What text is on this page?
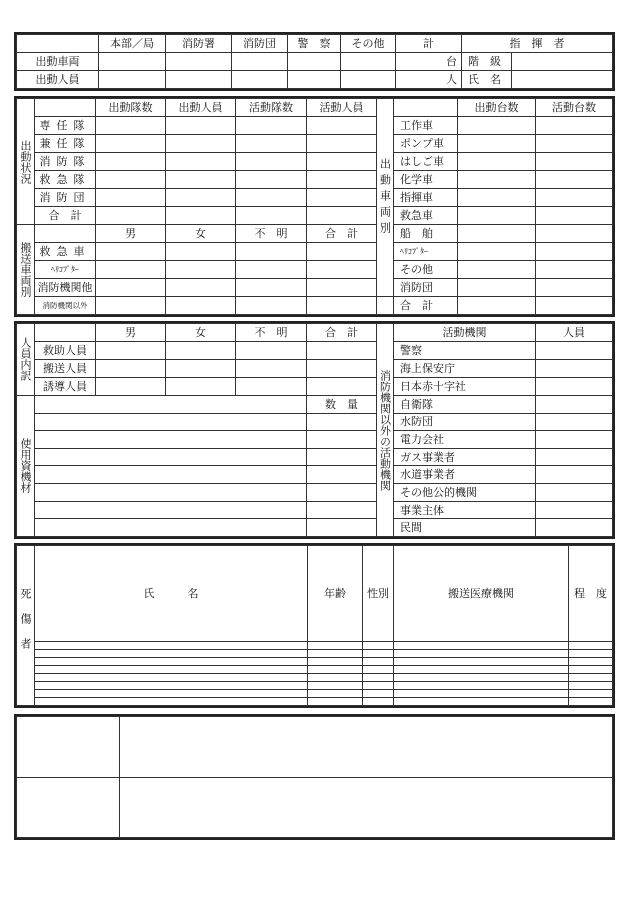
	本部／局	消防署	消防団	警　察	その他	計	指　揮　者	
出動車両						台	階　級	
出動人員						人	氏　名	
出動状況		出動隊数	出動人員	活動隊数	活動人員	出動車両別		出動台数	活動台数
	専任隊						工作車		
	兼任隊						ポンプ車		
	消防隊						はしご車		
	救急隊						化学車		
	消防団						指揮車		
	合　計						救急車		
搬送車両別		男	女	不　明	合　計		船　舶		
	救急車						ﾍﾘｺﾌﾟﾀｰ		
	ﾍﾘｺﾌﾟﾀｰ						その他		
	消防機関他						消防団		
	消防機関以外						合　計		
人員内訳		男	女	不　明	合　計	消防機関以外の活動機関	活動機関	人員
	救助人員						警察	
	搬送人員						海上保安庁	
	誘導人員						日本赤十字社	
使用資機材					数　量		自衛隊	
							水防団	
							電力会社	
							ガス事業者	
							水道事業者	
							その他公的機関	
							事業主体	
							民間	
死傷者	氏　　　名	年齢	性別	搬送医療機関	程　度
